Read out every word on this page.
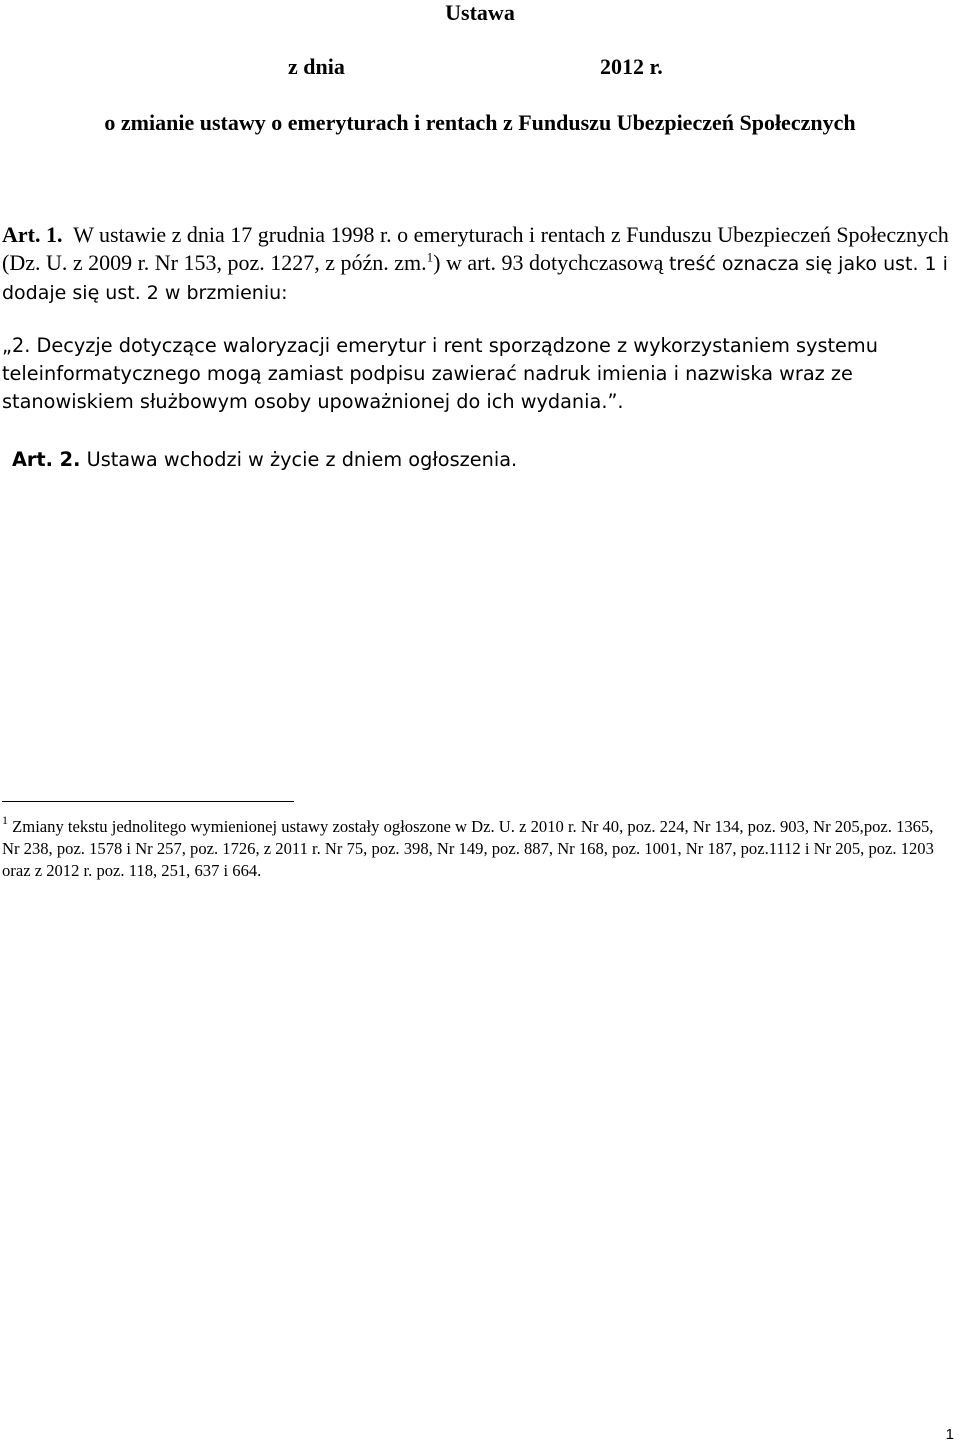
Ustawa
z dnia	2012 r.
o zmianie ustawy o emeryturach i rentach z Funduszu Ubezpieczeń Społecznych
Art. 1. W ustawie z dnia 17 grudnia 1998 r. o emeryturach i rentach z Funduszu Ubezpieczeń Społecznych (Dz. U. z 2009 r. Nr 153, poz. 1227, z późn. zm.$^1$) w art. 93 dotychczasową treść oznacza się jako ust. 1 i dodaje się ust. 2 w brzmieniu:
„2. Decyzje dotyczące waloryzacji emerytur i rent sporządzone z wykorzystaniem systemu teleinformatycznego mogą zamiast podpisu zawierać nadruk imienia i nazwiska wraz ze stanowiskiem służbowym osoby upoważnionej do ich wydania.”.
Art. 2. Ustawa wchodzi w życie z dniem ogłoszenia.
$^1$ Zmiany tekstu jednolitego wymienionej ustawy zostały ogłoszone w Dz. U. z 2010 r. Nr 40, poz. 224, Nr 134, poz. 903, Nr 205,poz. 1365, Nr 238, poz. 1578 i Nr 257, poz. 1726, z 2011 r. Nr 75, poz. 398, Nr 149, poz. 887, Nr 168, poz. 1001, Nr 187, poz.1112 i Nr 205, poz. 1203 oraz z 2012 r. poz. 118, 251, 637 i 664.
1
